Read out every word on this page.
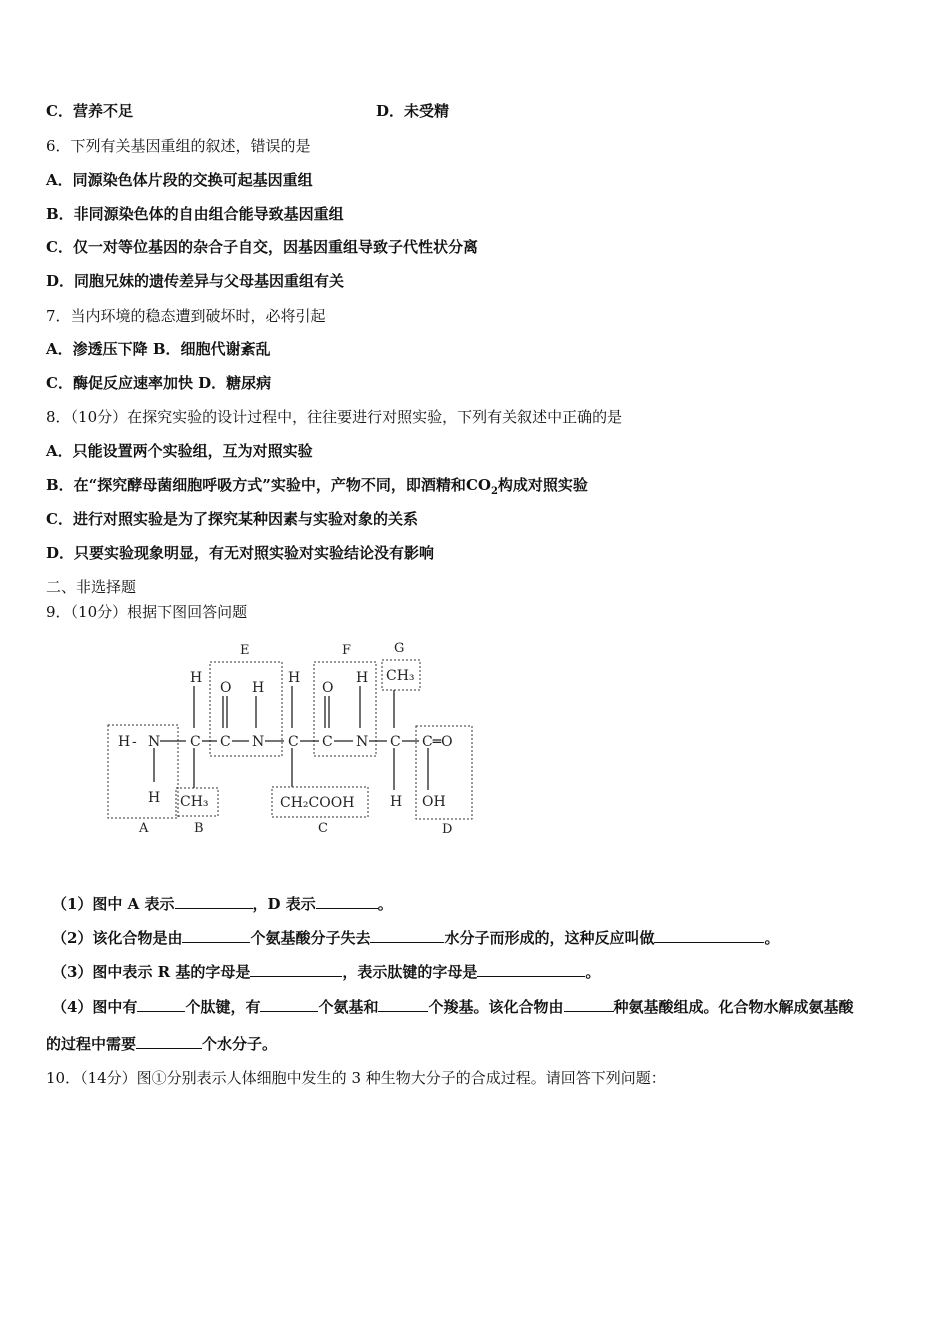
C．营养不足	D．未受精
6．下列有关基因重组的叙述，错误的是
A．同源染色体片段的交换可起基因重组
B．非同源染色体的自由组合能导致基因重组
C．仅一对等位基因的杂合子自交，因基因重组导致子代性状分离
D．同胞兄妹的遗传差异与父母基因重组有关
7．当内环境的稳态遭到破坏时，必将引起
A．渗透压下降 B．细胞代谢紊乱
C．酶促反应速率加快 D．糖尿病
8．（10分）在探究实验的设计过程中，往往要进行对照实验，下列有关叙述中正确的是
A．只能设置两个实验组，互为对照实验
B．在“探究酵母菌细胞呼吸方式”实验中，产物不同，即酒精和$CO_2$构成对照实验
C．进行对照实验是为了探究某种因素与实验对象的关系
D．只要实验现象明显，有无对照实验对实验结论没有影响
二、非选择题
9．（10分）根据下图回答问题
A	B	C	D
E	F	G
H - N
H
H
C
O
C
H
N
H
C
O
C
H
N C
H
CH₃
CH₃	CH₂COOH
C═O
OH
（1）图中 A 表示	，D 表示	。
（2）该化合物是由	个氨基酸分子失去	水分子而形成的，这种反应叫做	。
（3）图中表示 R 基的字母是	，表示肽键的字母是	。
（4）图中有	个肽键，有	个氨基和	个羧基。该化合物由	种氨基酸组成。化合物水解成氨基酸
的过程中需要	个水分子。
10．（14分）图①分别表示人体细胞中发生的 3 种生物大分子的合成过程。请回答下列问题：
